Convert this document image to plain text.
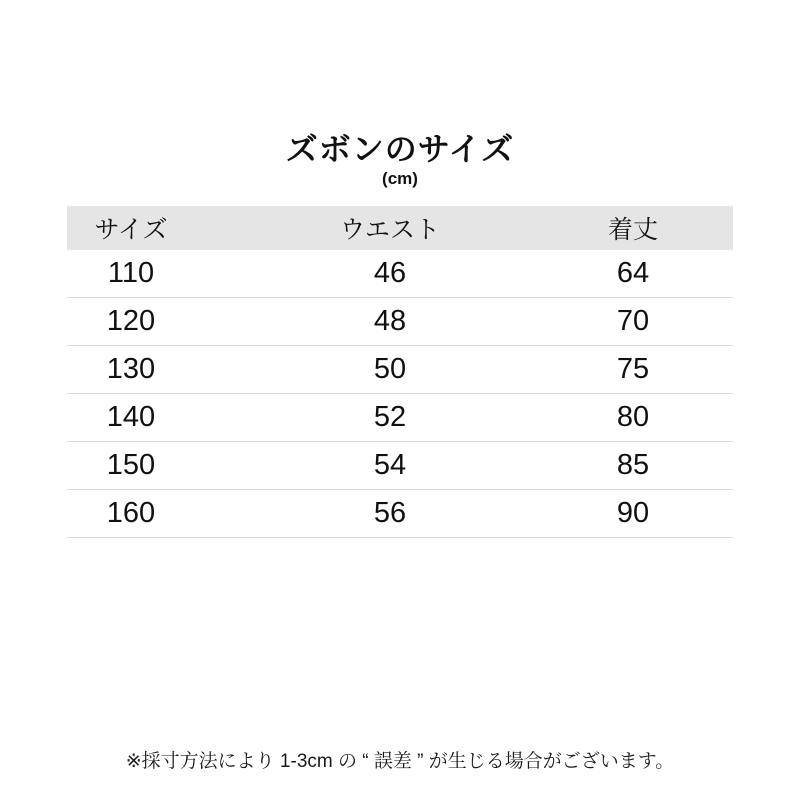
ズボンのサイズ
(cm)
サイズ	ウエスト	着丈
110	46	64
120	48	70
130	50	75
140	52	80
150	54	85
160	56	90

※採寸方法により 1-3cm の “ 誤差 ” が生じる場合がございます。
